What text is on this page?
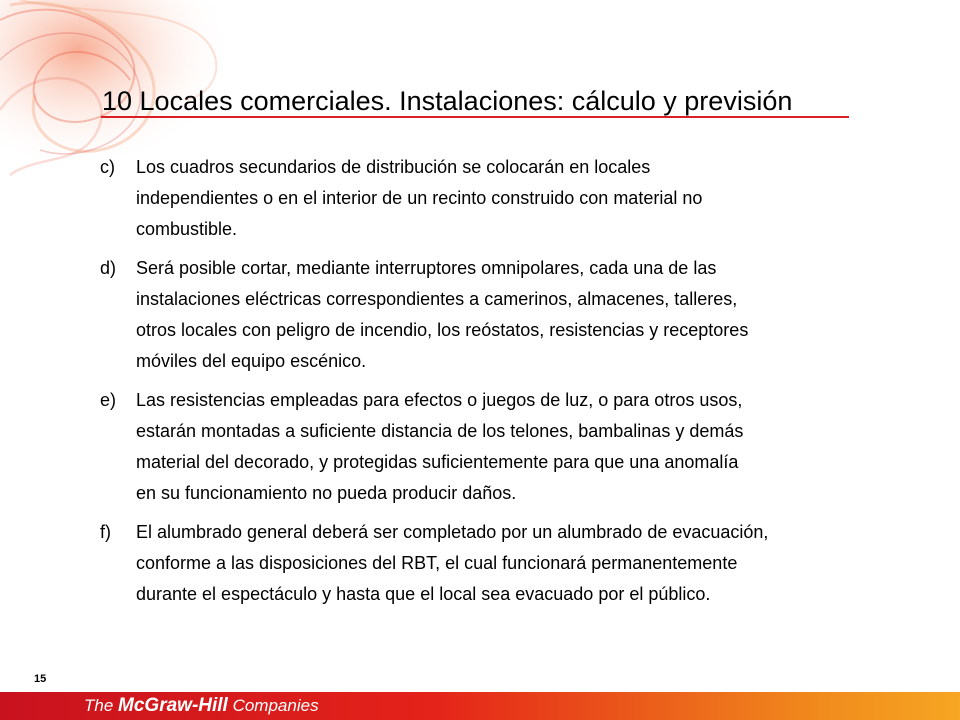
10 Locales comerciales. Instalaciones: cálculo y previsión
c)	Los cuadros secundarios de distribución se colocarán en locales
independientes o en el interior de un recinto construido con material no
combustible.
d)	Será posible cortar, mediante interruptores omnipolares, cada una de las
instalaciones eléctricas correspondientes a camerinos, almacenes, talleres,
otros locales con peligro de incendio, los reóstatos, resistencias y receptores
móviles del equipo escénico.
e)	Las resistencias empleadas para efectos o juegos de luz, o para otros usos,
estarán montadas a suficiente distancia de los telones, bambalinas y demás
material del decorado, y protegidas suficientemente para que una anomalía
en su funcionamiento no pueda producir daños.
f)	El alumbrado general deberá ser completado por un alumbrado de evacuación,
conforme a las disposiciones del RBT, el cual funcionará permanentemente
durante el espectáculo y hasta que el local sea evacuado por el público.
15
The McGraw-Hill Companies
